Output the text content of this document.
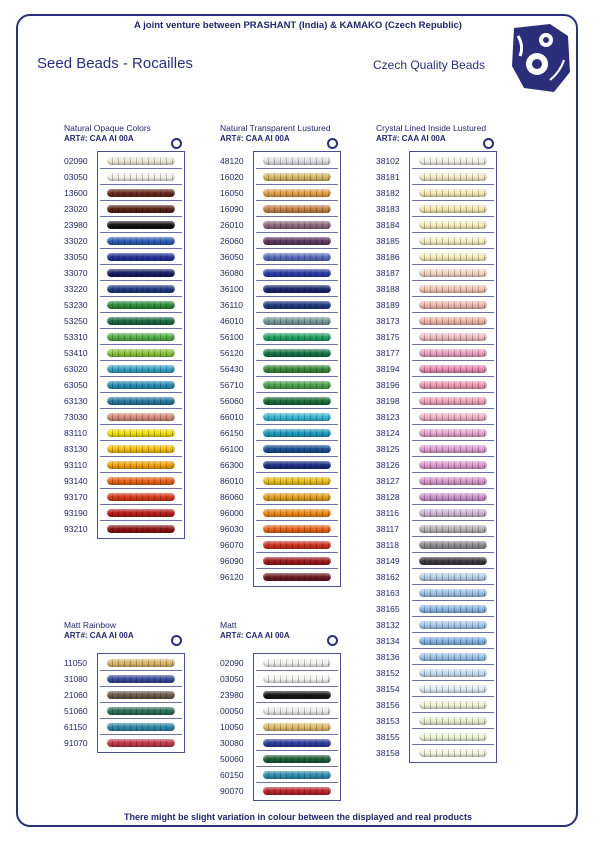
A joint venture between PRASHANT (India) & KAMAKO (Czech Republic)
Seed Beads - Rocailles	Czech Quality Beads
Natural Opaque Colors
ART#: CAA AI 00A
02090
03050
13600
23020
23980
33020
33050
33070
33220
53230
53250
53310
53410
63020
63050
63130
73030
83110
83130
93110
93140
93170
93190
93210
Natural Transparent Lustured
ART#: CAA AI 00A
48120
16020
16050
16090
26010
26060
36050
36080
36100
36110
46010
56100
56120
56430
56710
56060
66010
66150
66100
66300
86010
86060
96000
96030
96070
96090
96120
Crystal Lined Inside Lustured
ART#: CAA AI 00A
38102
38181
38182
38183
38184
38185
38186
38187
38188
38189
38173
38175
38177
38194
38196
38198
38123
38124
38125
38126
38127
38128
38116
38117
38118
38149
38162
38163
38165
38132
38134
38136
38152
38154
38156
38153
38155
38158
Matt Rainbow
ART#: CAA AI 00A
11050
31080
21060
51060
61150
91070
Matt
ART#: CAA AI 00A
02090
03050
23980
00050
10050
30080
50060
60150
90070
There might be slight variation in colour between the displayed and real products
